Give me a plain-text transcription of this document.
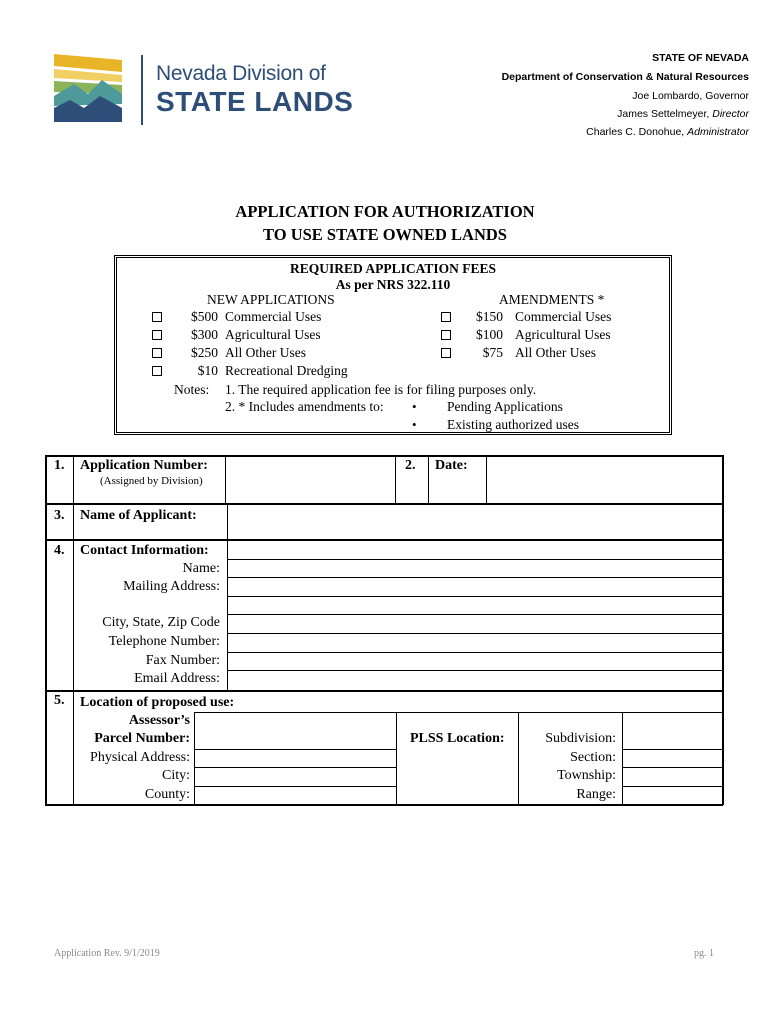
Nevada Division of
STATE LANDS
STATE OF NEVADA
Department of Conservation & Natural Resources
Joe Lombardo, Governor
James Settelmeyer, Director
Charles C. Donohue, Administrator
APPLICATION FOR AUTHORIZATION
TO USE STATE OWNED LANDS
REQUIRED APPLICATION FEES
As per NRS 322.110
NEW APPLICATIONS	AMENDMENTS *
$500 Commercial Uses
$300 Agricultural Uses
$250 All Other Uses
$10 Recreational Dredging
$150 Commercial Uses
$100 Agricultural Uses
$75 All Other Uses
Notes: 1. The required application fee is for filing purposes only.
2. * Includes amendments to: • Pending Applications
• Existing authorized uses
1. Application Number:
(Assigned by Division)
2. Date:
3. Name of Applicant:
4. Contact Information:
Name:
Mailing Address:
City, State, Zip Code
Telephone Number:
Fax Number:
Email Address:
5. Location of proposed use:
Assessor’s
Parcel Number:
Physical Address:
City:
County:
PLSS Location:	Subdivision:
Section:
Township:
Range:
Application Rev. 9/1/2019	pg. 1
